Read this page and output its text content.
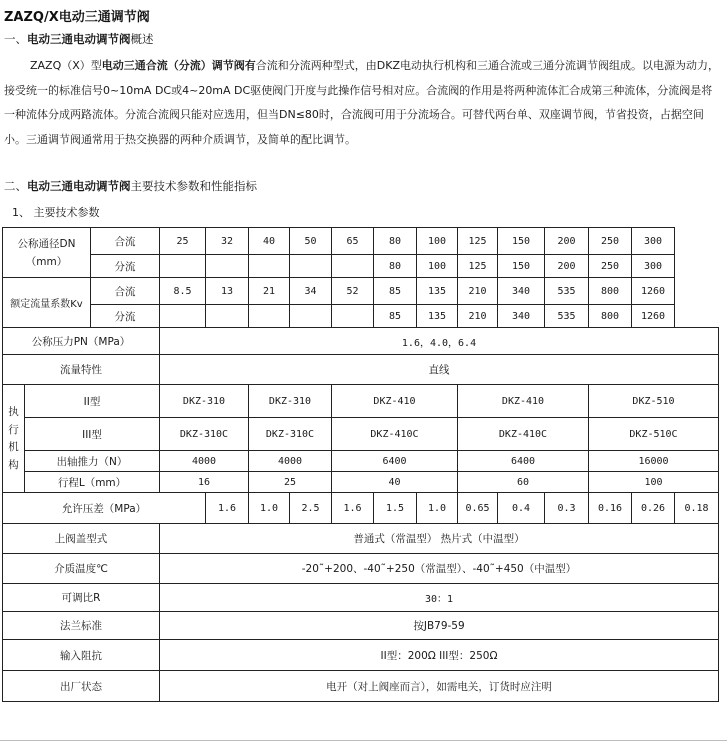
ZAZQ/X电动三通调节阀
一、电动三通电动调节阀概述
ZAZQ（X）型电动三通合流（分流）调节阀有合流和分流两种型式，由DKZ电动执行机构和三通合流或三通分流调节阀组成。以电源为动力，接受统一的标准信号0~10mA DC或4~20mA DC驱使阀门开度与此操作信号相对应。合流阀的作用是将两种流体汇合成第三种流体，分流阀是将一种流体分成两路流体。分流合流阀只能对应选用，但当DN≤80时，合流阀可用于分流场合。可替代两台单、双座调节阀，节省投资，占据空间小。三通调节阀通常用于热交换器的两种介质调节，及简单的配比调节。
二、电动三通电动调节阀主要技术参数和性能指标
1、 主要技术参数
公称通径DN（mm）		合流	25	32	40	50	65	80	100	125	150	200	250	300	
		分流						80	100	125	150	200	250	300	
额定流量系数Kv		合流	8.5	13	21	34	52	85	135	210	340	535	800	1260	
		分流						85	135	210	340	535	800	1260	
公称压力PN（MPa）			1.6，4.0，6.4												
流量特性			直线												

执
行
机
构	II型		DKZ-310		DKZ-310		DKZ-410			DKZ-410			DKZ-510		
	III型		DKZ-310C		DKZ-310C		DKZ-410C			DKZ-410C			DKZ-510C		
	出轴推力（N）		4000		4000		6400			6400			16000		
	行程L（mm）		16		25		40			60			100		
允许压差（MPa）				1.6	1.0	2.5	1.6	1.5	1.0	0.65	0.4	0.3	0.16	0.26	0.18
上阀盖型式			普通式（常温型） 热片式（中温型）												
介质温度℃			-20˜+200、-40˜+250（常温型）、-40˜+450（中温型）												
可调比R			30：1												
法兰标准			按JB79-59												
输入阻抗			II型：200Ω III型：250Ω												
出厂状态			电开（对上阀座而言），如需电关，订货时应注明												
